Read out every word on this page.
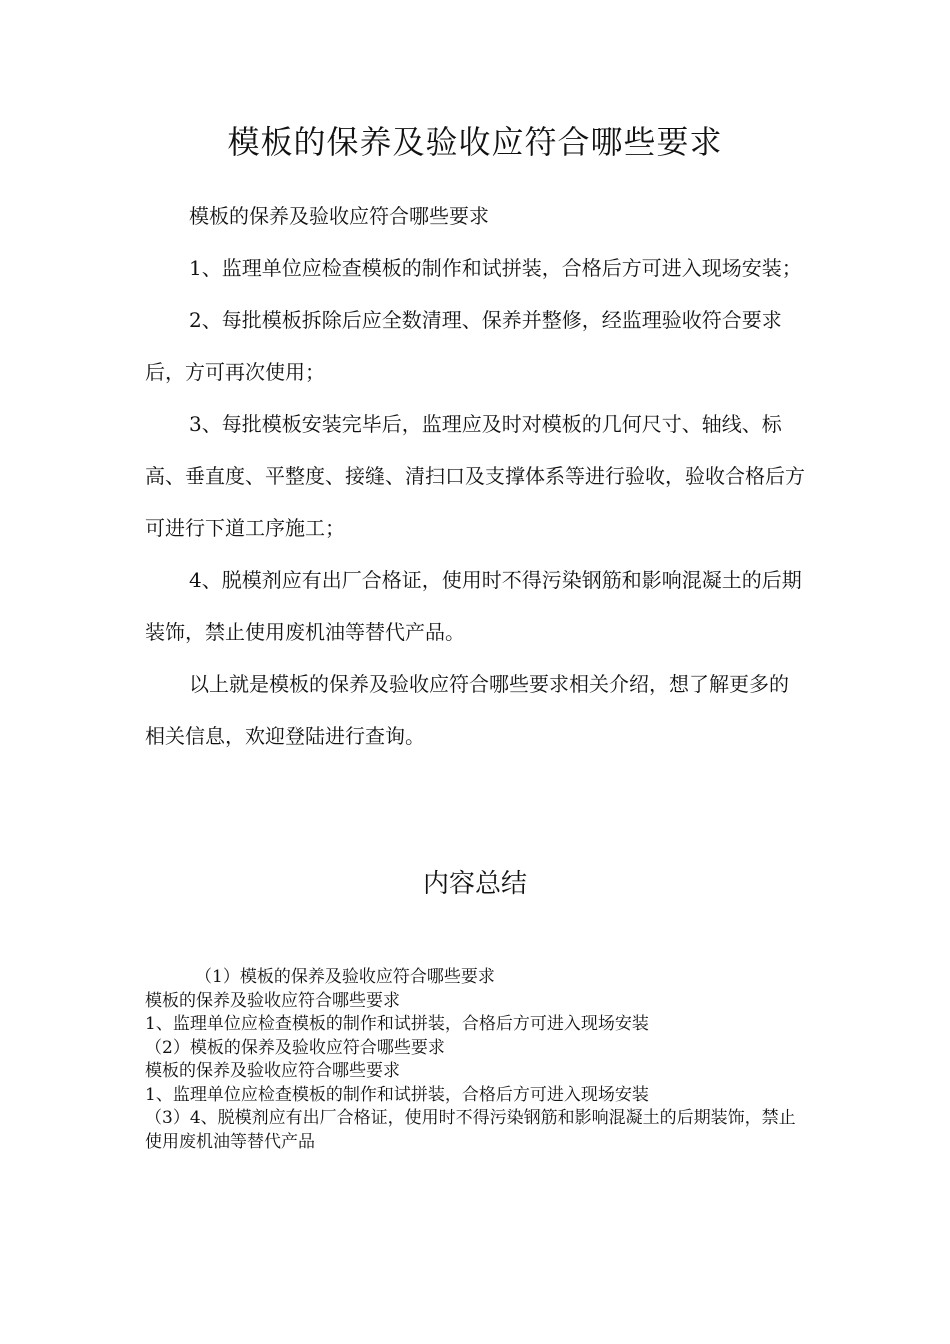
模板的保养及验收应符合哪些要求

模板的保养及验收应符合哪些要求

1、监理单位应检查模板的制作和试拼装，合格后方可进入现场安装；

2、每批模板拆除后应全数清理、保养并整修，经监理验收符合要求后，方可再次使用；

3、每批模板安装完毕后，监理应及时对模板的几何尺寸、轴线、标高、垂直度、平整度、接缝、清扫口及支撑体系等进行验收，验收合格后方可进行下道工序施工；

4、脱模剂应有出厂合格证，使用时不得污染钢筋和影响混凝土的后期装饰，禁止使用废机油等替代产品。

以上就是模板的保养及验收应符合哪些要求相关介绍，想了解更多的相关信息，欢迎登陆进行查询。

内容总结

（1）模板的保养及验收应符合哪些要求

模板的保养及验收应符合哪些要求

1、监理单位应检查模板的制作和试拼装，合格后方可进入现场安装

（2）模板的保养及验收应符合哪些要求

模板的保养及验收应符合哪些要求

1、监理单位应检查模板的制作和试拼装，合格后方可进入现场安装

（3）4、脱模剂应有出厂合格证，使用时不得污染钢筋和影响混凝土的后期装饰，禁止使用废机油等替代产品
